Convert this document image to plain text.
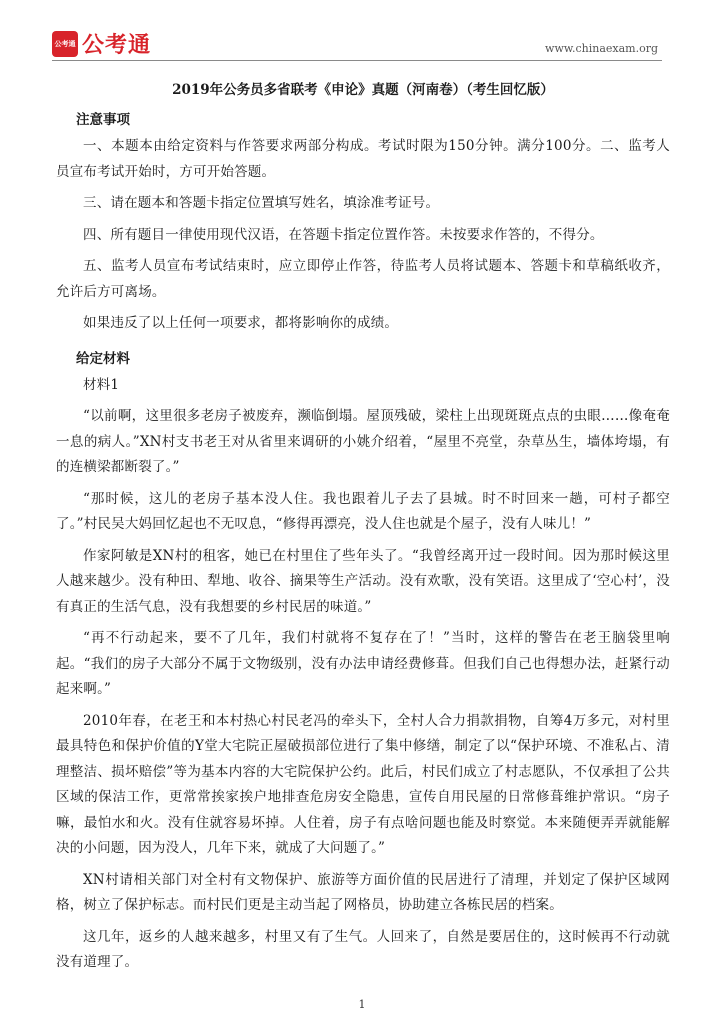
公考通 公考通	www.chinaexam.org
2019年公务员多省联考《申论》真题（河南卷）（考生回忆版）
注意事项

一、本题本由给定资料与作答要求两部分构成。考试时限为150分钟。满分100分。二、监考人员宣布考试开始时，方可开始答题。

三、请在题本和答题卡指定位置填写姓名，填涂准考证号。

四、所有题目一律使用现代汉语，在答题卡指定位置作答。未按要求作答的，不得分。

五、监考人员宣布考试结束时，应立即停止作答，待监考人员将试题本、答题卡和草稿纸收齐，允许后方可离场。

如果违反了以上任何一项要求，都将影响你的成绩。

给定材料

材料1

“以前啊，这里很多老房子被废弃，濒临倒塌。屋顶残破，梁柱上出现斑斑点点的虫眼……像奄奄一息的病人。”XN村支书老王对从省里来调研的小姚介绍着，“屋里不亮堂，杂草丛生，墙体垮塌，有的连横梁都断裂了。”

“那时候，这儿的老房子基本没人住。我也跟着儿子去了县城。时不时回来一趟，可村子都空了。”村民吴大妈回忆起也不无叹息，“修得再漂亮，没人住也就是个屋子，没有人味儿！”

作家阿敏是XN村的租客，她已在村里住了些年头了。“我曾经离开过一段时间。因为那时候这里人越来越少。没有种田、犁地、收谷、摘果等生产活动。没有欢歌，没有笑语。这里成了‘空心村’，没有真正的生活气息，没有我想要的乡村民居的味道。”

“再不行动起来，要不了几年，我们村就将不复存在了！”当时，这样的警告在老王脑袋里响起。“我们的房子大部分不属于文物级别，没有办法申请经费修葺。但我们自己也得想办法，赶紧行动起来啊。”

2010年春，在老王和本村热心村民老冯的牵头下，全村人合力捐款捐物，自筹4万多元，对村里最具特色和保护价值的Y堂大宅院正屋破损部位进行了集中修缮，制定了以“保护环境、不准私占、清理整洁、损坏赔偿”等为基本内容的大宅院保护公约。此后，村民们成立了村志愿队，不仅承担了公共区域的保洁工作，更常常挨家挨户地排查危房安全隐患，宣传自用民屋的日常修葺维护常识。“房子嘛，最怕水和火。没有住就容易坏掉。人住着，房子有点啥问题也能及时察觉。本来随便弄弄就能解决的小问题，因为没人，几年下来，就成了大问题了。”

XN村请相关部门对全村有文物保护、旅游等方面价值的民居进行了清理，并划定了保护区域网格，树立了保护标志。而村民们更是主动当起了网格员，协助建立各栋民居的档案。

这几年，返乡的人越来越多，村里又有了生气。人回来了，自然是要居住的，这时候再不行动就没有道理了。

1
